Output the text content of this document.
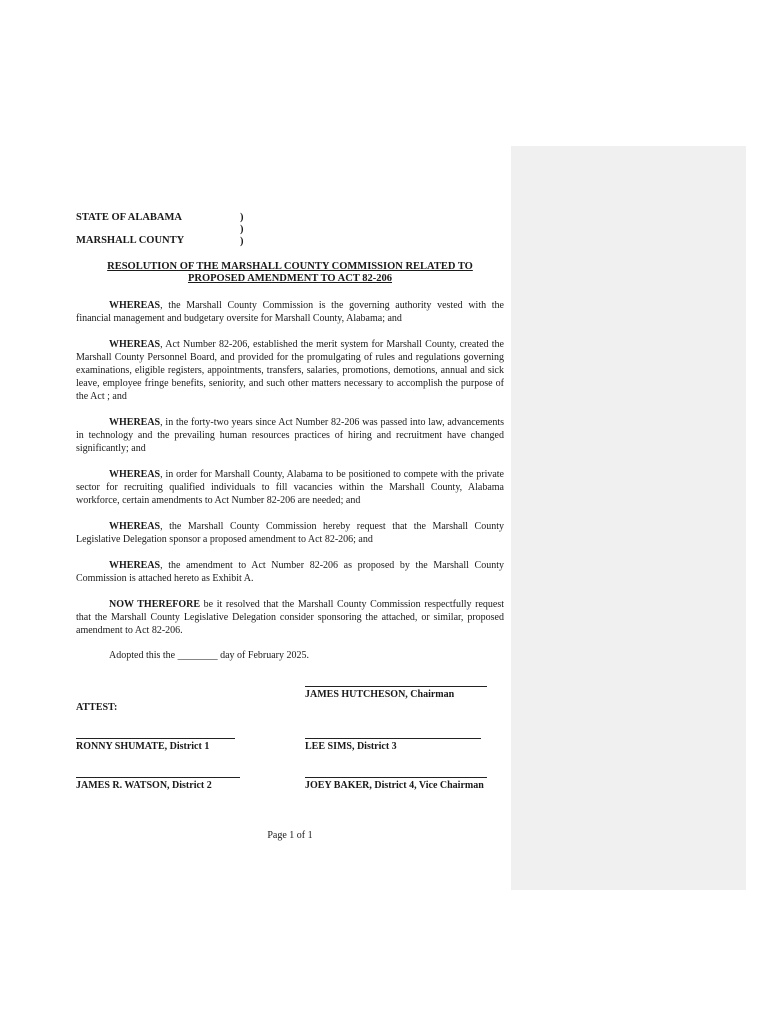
STATE OF ALABAMA
MARSHALL COUNTY
)
)
)
RESOLUTION OF THE MARSHALL COUNTY COMMISSION RELATED TO
PROPOSED AMENDMENT TO ACT 82-206
WHEREAS, the Marshall County Commission is the governing authority vested with the financial management and budgetary oversite for Marshall County, Alabama; and
WHEREAS, Act Number 82-206, established the merit system for Marshall County, created the Marshall County Personnel Board, and provided for the promulgating of rules and regulations governing examinations, eligible registers, appointments, transfers, salaries, promotions, demotions, annual and sick leave, employee fringe benefits, seniority, and such other matters necessary to accomplish the purpose of the Act ; and
WHEREAS, in the forty-two years since Act Number 82-206 was passed into law, advancements in technology and the prevailing human resources practices of hiring and recruitment have changed significantly; and
WHEREAS, in order for Marshall County, Alabama to be positioned to compete with the private sector for recruiting qualified individuals to fill vacancies within the Marshall County, Alabama workforce, certain amendments to Act Number 82-206 are needed; and
WHEREAS, the Marshall County Commission hereby request that the Marshall County Legislative Delegation sponsor a proposed amendment to Act 82-206; and
WHEREAS, the amendment to Act Number 82-206 as proposed by the Marshall County Commission is attached hereto as Exhibit A.
NOW THEREFORE be it resolved that the Marshall County Commission respectfully request that the Marshall County Legislative Delegation consider sponsoring the attached, or similar, proposed amendment to Act 82-206.
Adopted this the ________ day of February 2025.
JAMES HUTCHESON, Chairman
ATTEST:
RONNY SHUMATE, District 1	LEE SIMS, District 3
JAMES R. WATSON, District 2	JOEY BAKER, District 4, Vice Chairman
Page 1 of 1
